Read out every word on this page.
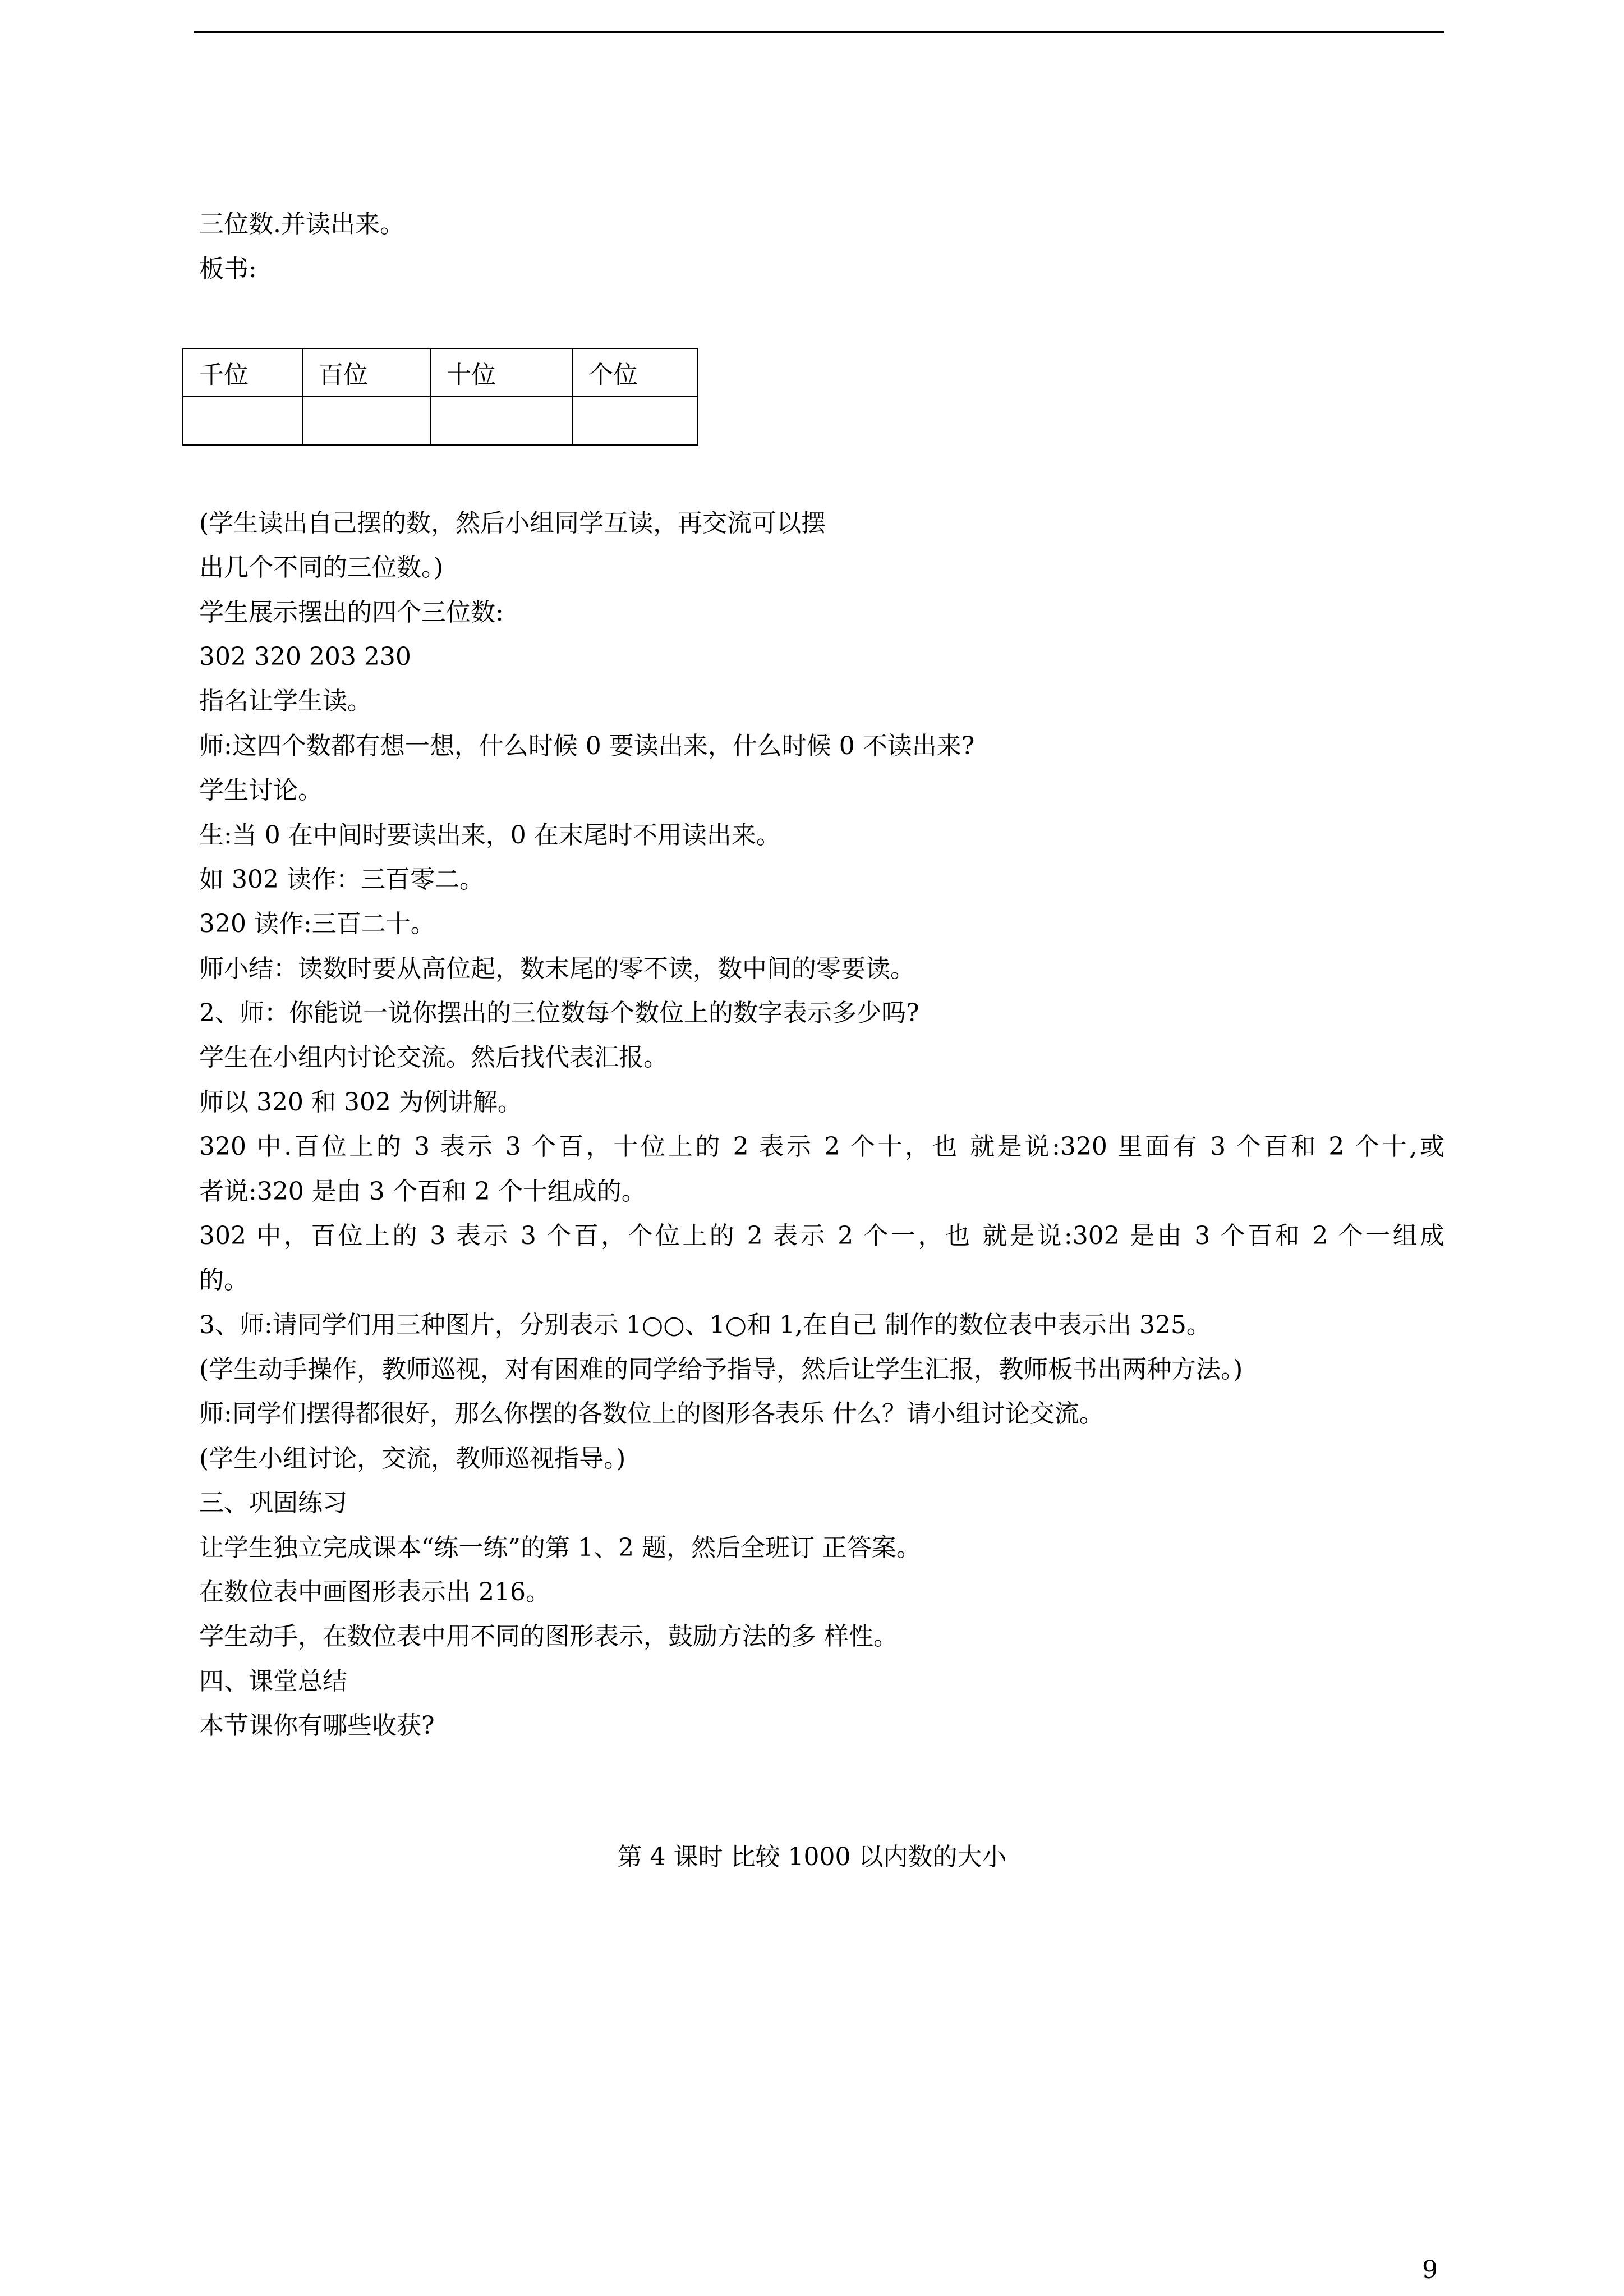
三位数.并读出来。
板书:
千位	百位	十位	个位

(学生读出自己摆的数，然后小组同学互读，再交流可以摆
出几个不同的三位数。)
学生展示摆出的四个三位数:
302 320 203 230
指名让学生读。
师:这四个数都有想一想，什么时候 0 要读出来，什么时候 0 不读出来?
学生讨论。
生:当 0 在中间时要读出来，0 在末尾时不用读出来。
如 302 读作：三百零二。
320 读作:三百二十。
师小结：读数时要从高位起，数末尾的零不读，数中间的零要读。
2、师：你能说一说你摆出的三位数每个数位上的数字表示多少吗?
学生在小组内讨论交流。然后找代表汇报。
师以 320 和 302 为例讲解。
320 中.百位上的 3 表示 3 个百，十位上的 2 表示 2 个十，也 就是说:320 里面有 3 个百和 2 个十,或
者说:320 是由 3 个百和 2 个十组成的。
302 中，百位上的 3 表示 3 个百，个位上的 2 表示 2 个一，也 就是说:302 是由 3 个百和 2 个一组成
的。
3、师:请同学们用三种图片，分别表示 1○○、1○和 1,在自己 制作的数位表中表示出 325。
(学生动手操作，教师巡视，对有困难的同学给予指导，然后让学生汇报，教师板书出两种方法。)
师:同学们摆得都很好，那么你摆的各数位上的图形各表乐 什么？请小组讨论交流。
(学生小组讨论，交流，教师巡视指导。)
三、巩固练习
让学生独立完成课本“练一练”的第 1、2 题，然后全班订 正答案。
在数位表中画图形表示出 216。
学生动手，在数位表中用不同的图形表示，鼓励方法的多 样性。
四、课堂总结
本节课你有哪些收获?
第 4 课时 比较 1000 以内数的大小
9
